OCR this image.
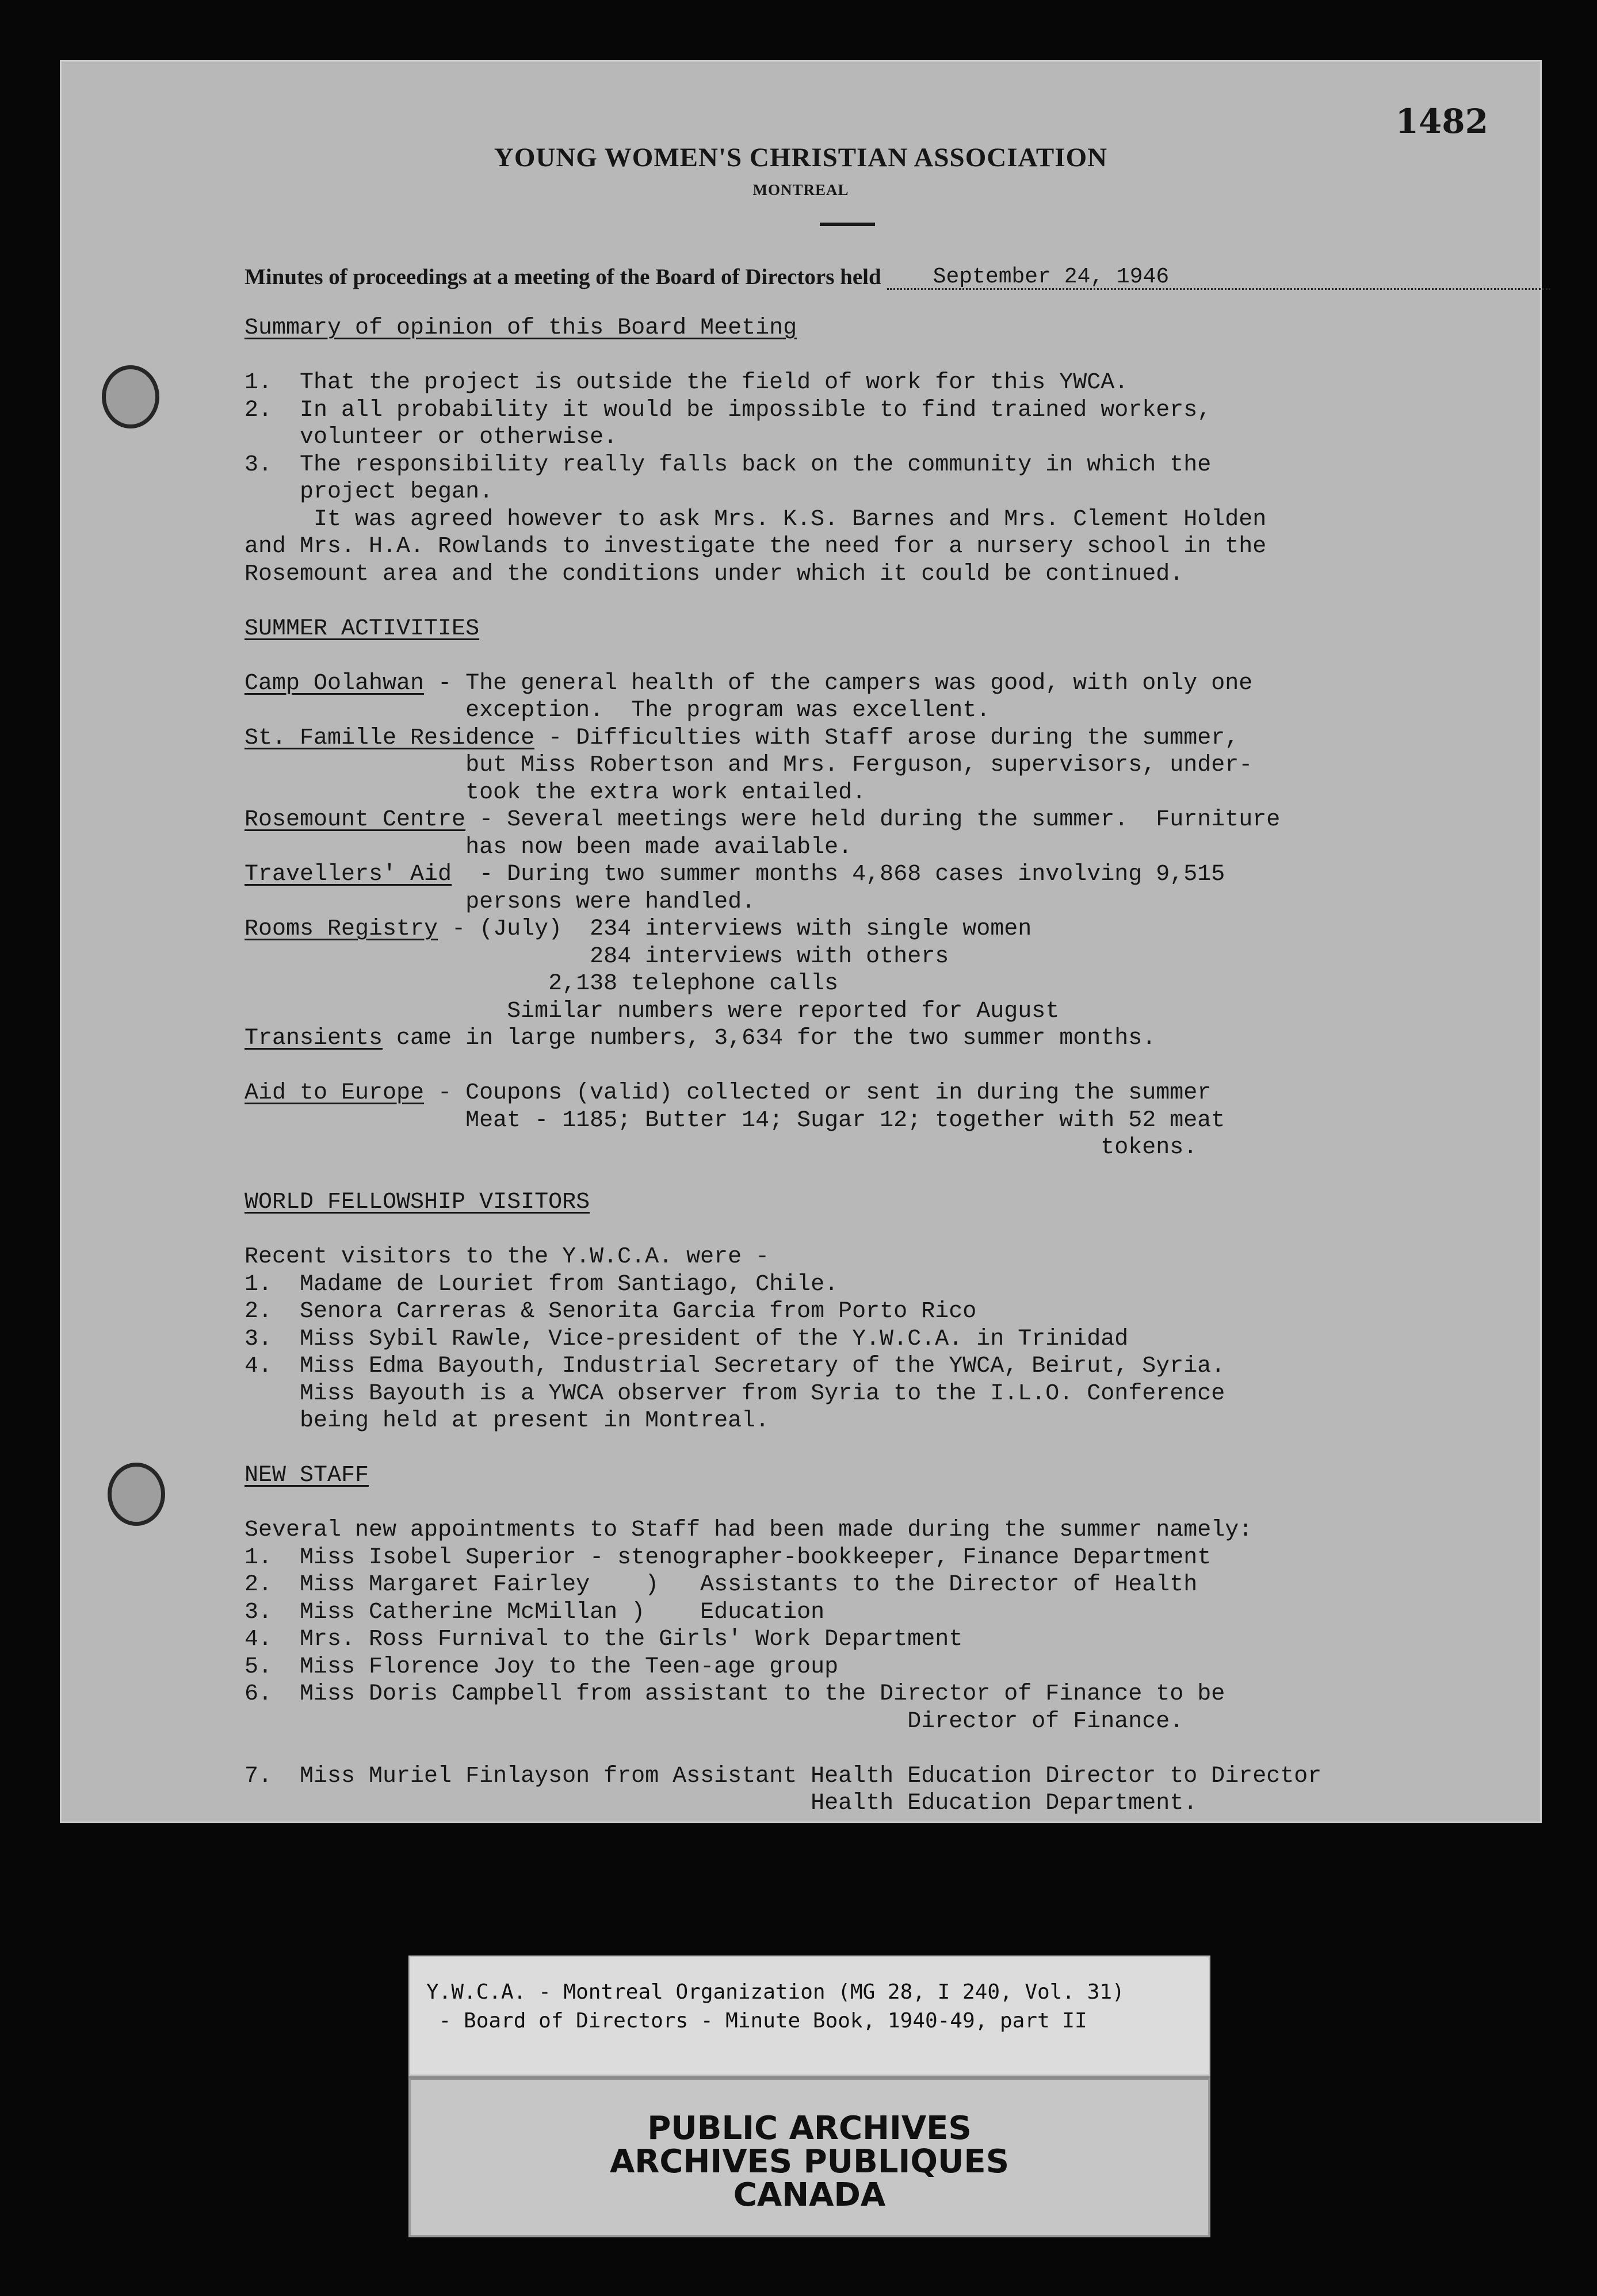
1482
YOUNG WOMEN'S CHRISTIAN ASSOCIATION
MONTREAL
Minutes of proceedings at a meeting of the Board of Directors held	September 24, 1946
Summary of opinion of this Board Meeting
1.  That the project is outside the field of work for this YWCA.
2.  In all probability it would be impossible to find trained workers,
volunteer or otherwise.
3.  The responsibility really falls back on the community in which the
project began.
It was agreed however to ask Mrs. K.S. Barnes and Mrs. Clement Holden
and Mrs. H.A. Rowlands to investigate the need for a nursery school in the
Rosemount area and the conditions under which it could be continued.
SUMMER ACTIVITIES
Camp Oolahwan - The general health of the campers was good, with only one
exception.  The program was excellent.
St. Famille Residence - Difficulties with Staff arose during the summer,
but Miss Robertson and Mrs. Ferguson, supervisors, under-
took the extra work entailed.
Rosemount Centre - Several meetings were held during the summer.  Furniture
has now been made available.
Travellers' Aid  - During two summer months 4,868 cases involving 9,515
persons were handled.
Rooms Registry - (July)  234 interviews with single women
284 interviews with others
2,138 telephone calls
Similar numbers were reported for August
Transients came in large numbers, 3,634 for the two summer months.
Aid to Europe - Coupons (valid) collected or sent in during the summer
Meat - 1185; Butter 14; Sugar 12; together with 52 meat
tokens.
WORLD FELLOWSHIP VISITORS
Recent visitors to the Y.W.C.A. were -
1.  Madame de Louriet from Santiago, Chile.
2.  Senora Carreras & Senorita Garcia from Porto Rico
3.  Miss Sybil Rawle, Vice-president of the Y.W.C.A. in Trinidad
4.  Miss Edma Bayouth, Industrial Secretary of the YWCA, Beirut, Syria.
Miss Bayouth is a YWCA observer from Syria to the I.L.O. Conference
being held at present in Montreal.
NEW STAFF
Several new appointments to Staff had been made during the summer namely:
1.  Miss Isobel Superior - stenographer-bookkeeper, Finance Department
2.  Miss Margaret Fairley    )   Assistants to the Director of Health
3.  Miss Catherine McMillan )    Education
4.  Mrs. Ross Furnival to the Girls' Work Department
5.  Miss Florence Joy to the Teen-age group
6.  Miss Doris Campbell from assistant to the Director of Finance to be
Director of Finance.
7.  Miss Muriel Finlayson from Assistant Health Education Director to Director
Health Education Department.
Y.W.C.A. - Montreal Organization (MG 28, I 240, Vol. 31)
- Board of Directors - Minute Book, 1940-49, part II
PUBLIC ARCHIVES
ARCHIVES PUBLIQUES
CANADA
